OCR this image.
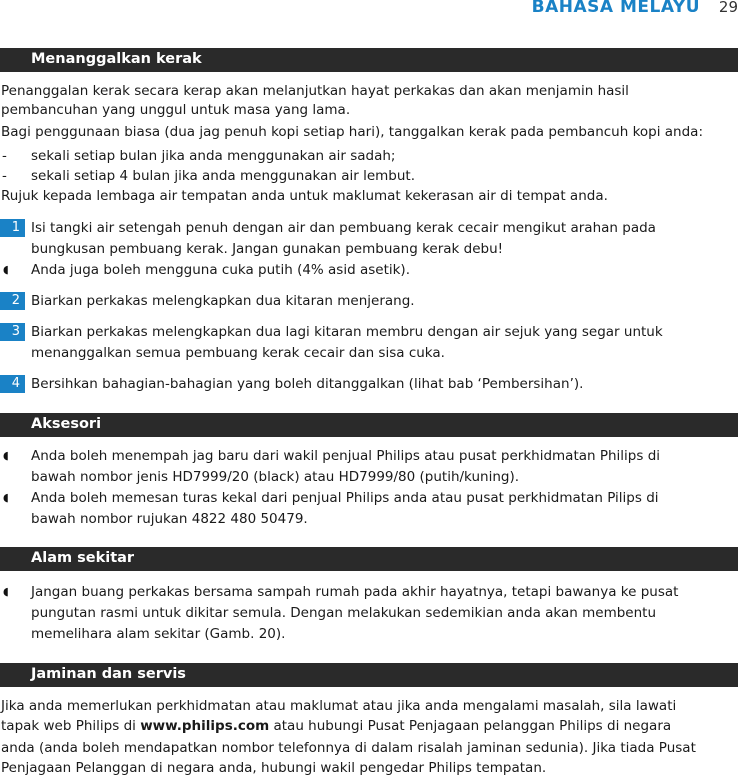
BAHASA MELAYU 29
Menanggalkan kerak
Penanggalan kerak secara kerap akan melanjutkan hayat perkakas dan akan menjamin hasil
pembancuhan yang unggul untuk masa yang lama.
Bagi penggunaan biasa (dua jag penuh kopi setiap hari), tanggalkan kerak pada pembancuh kopi anda:
- sekali setiap bulan jika anda menggunakan air sadah;
- sekali setiap 4 bulan jika anda menggunakan air lembut.
Rujuk kepada lembaga air tempatan anda untuk maklumat kekerasan air di tempat anda.
1 Isi tangki air setengah penuh dengan air dan pembuang kerak cecair mengikut arahan pada
bungkusan pembuang kerak. Jangan gunakan pembuang kerak debu!
◖ Anda juga boleh mengguna cuka putih (4% asid asetik).
2 Biarkan perkakas melengkapkan dua kitaran menjerang.
3 Biarkan perkakas melengkapkan dua lagi kitaran membru dengan air sejuk yang segar untuk
menanggalkan semua pembuang kerak cecair dan sisa cuka.
4 Bersihkan bahagian-bahagian yang boleh ditanggalkan (lihat bab ‘Pembersihan’).
Aksesori
◖ Anda boleh menempah jag baru dari wakil penjual Philips atau pusat perkhidmatan Philips di
bawah nombor jenis HD7999/20 (black) atau HD7999/80 (putih/kuning).
◖ Anda boleh memesan turas kekal dari penjual Philips anda atau pusat perkhidmatan Pilips di
bawah nombor rujukan 4822 480 50479.
Alam sekitar
◖ Jangan buang perkakas bersama sampah rumah pada akhir hayatnya, tetapi bawanya ke pusat
pungutan rasmi untuk dikitar semula. Dengan melakukan sedemikian anda akan membentu
memelihara alam sekitar (Gamb. 20).
Jaminan dan servis
Jika anda memerlukan perkhidmatan atau maklumat atau jika anda mengalami masalah, sila lawati
tapak web Philips di www.philips.com atau hubungi Pusat Penjagaan pelanggan Philips di negara
anda (anda boleh mendapatkan nombor telefonnya di dalam risalah jaminan sedunia). Jika tiada Pusat
Penjagaan Pelanggan di negara anda, hubungi wakil pengedar Philips tempatan.
